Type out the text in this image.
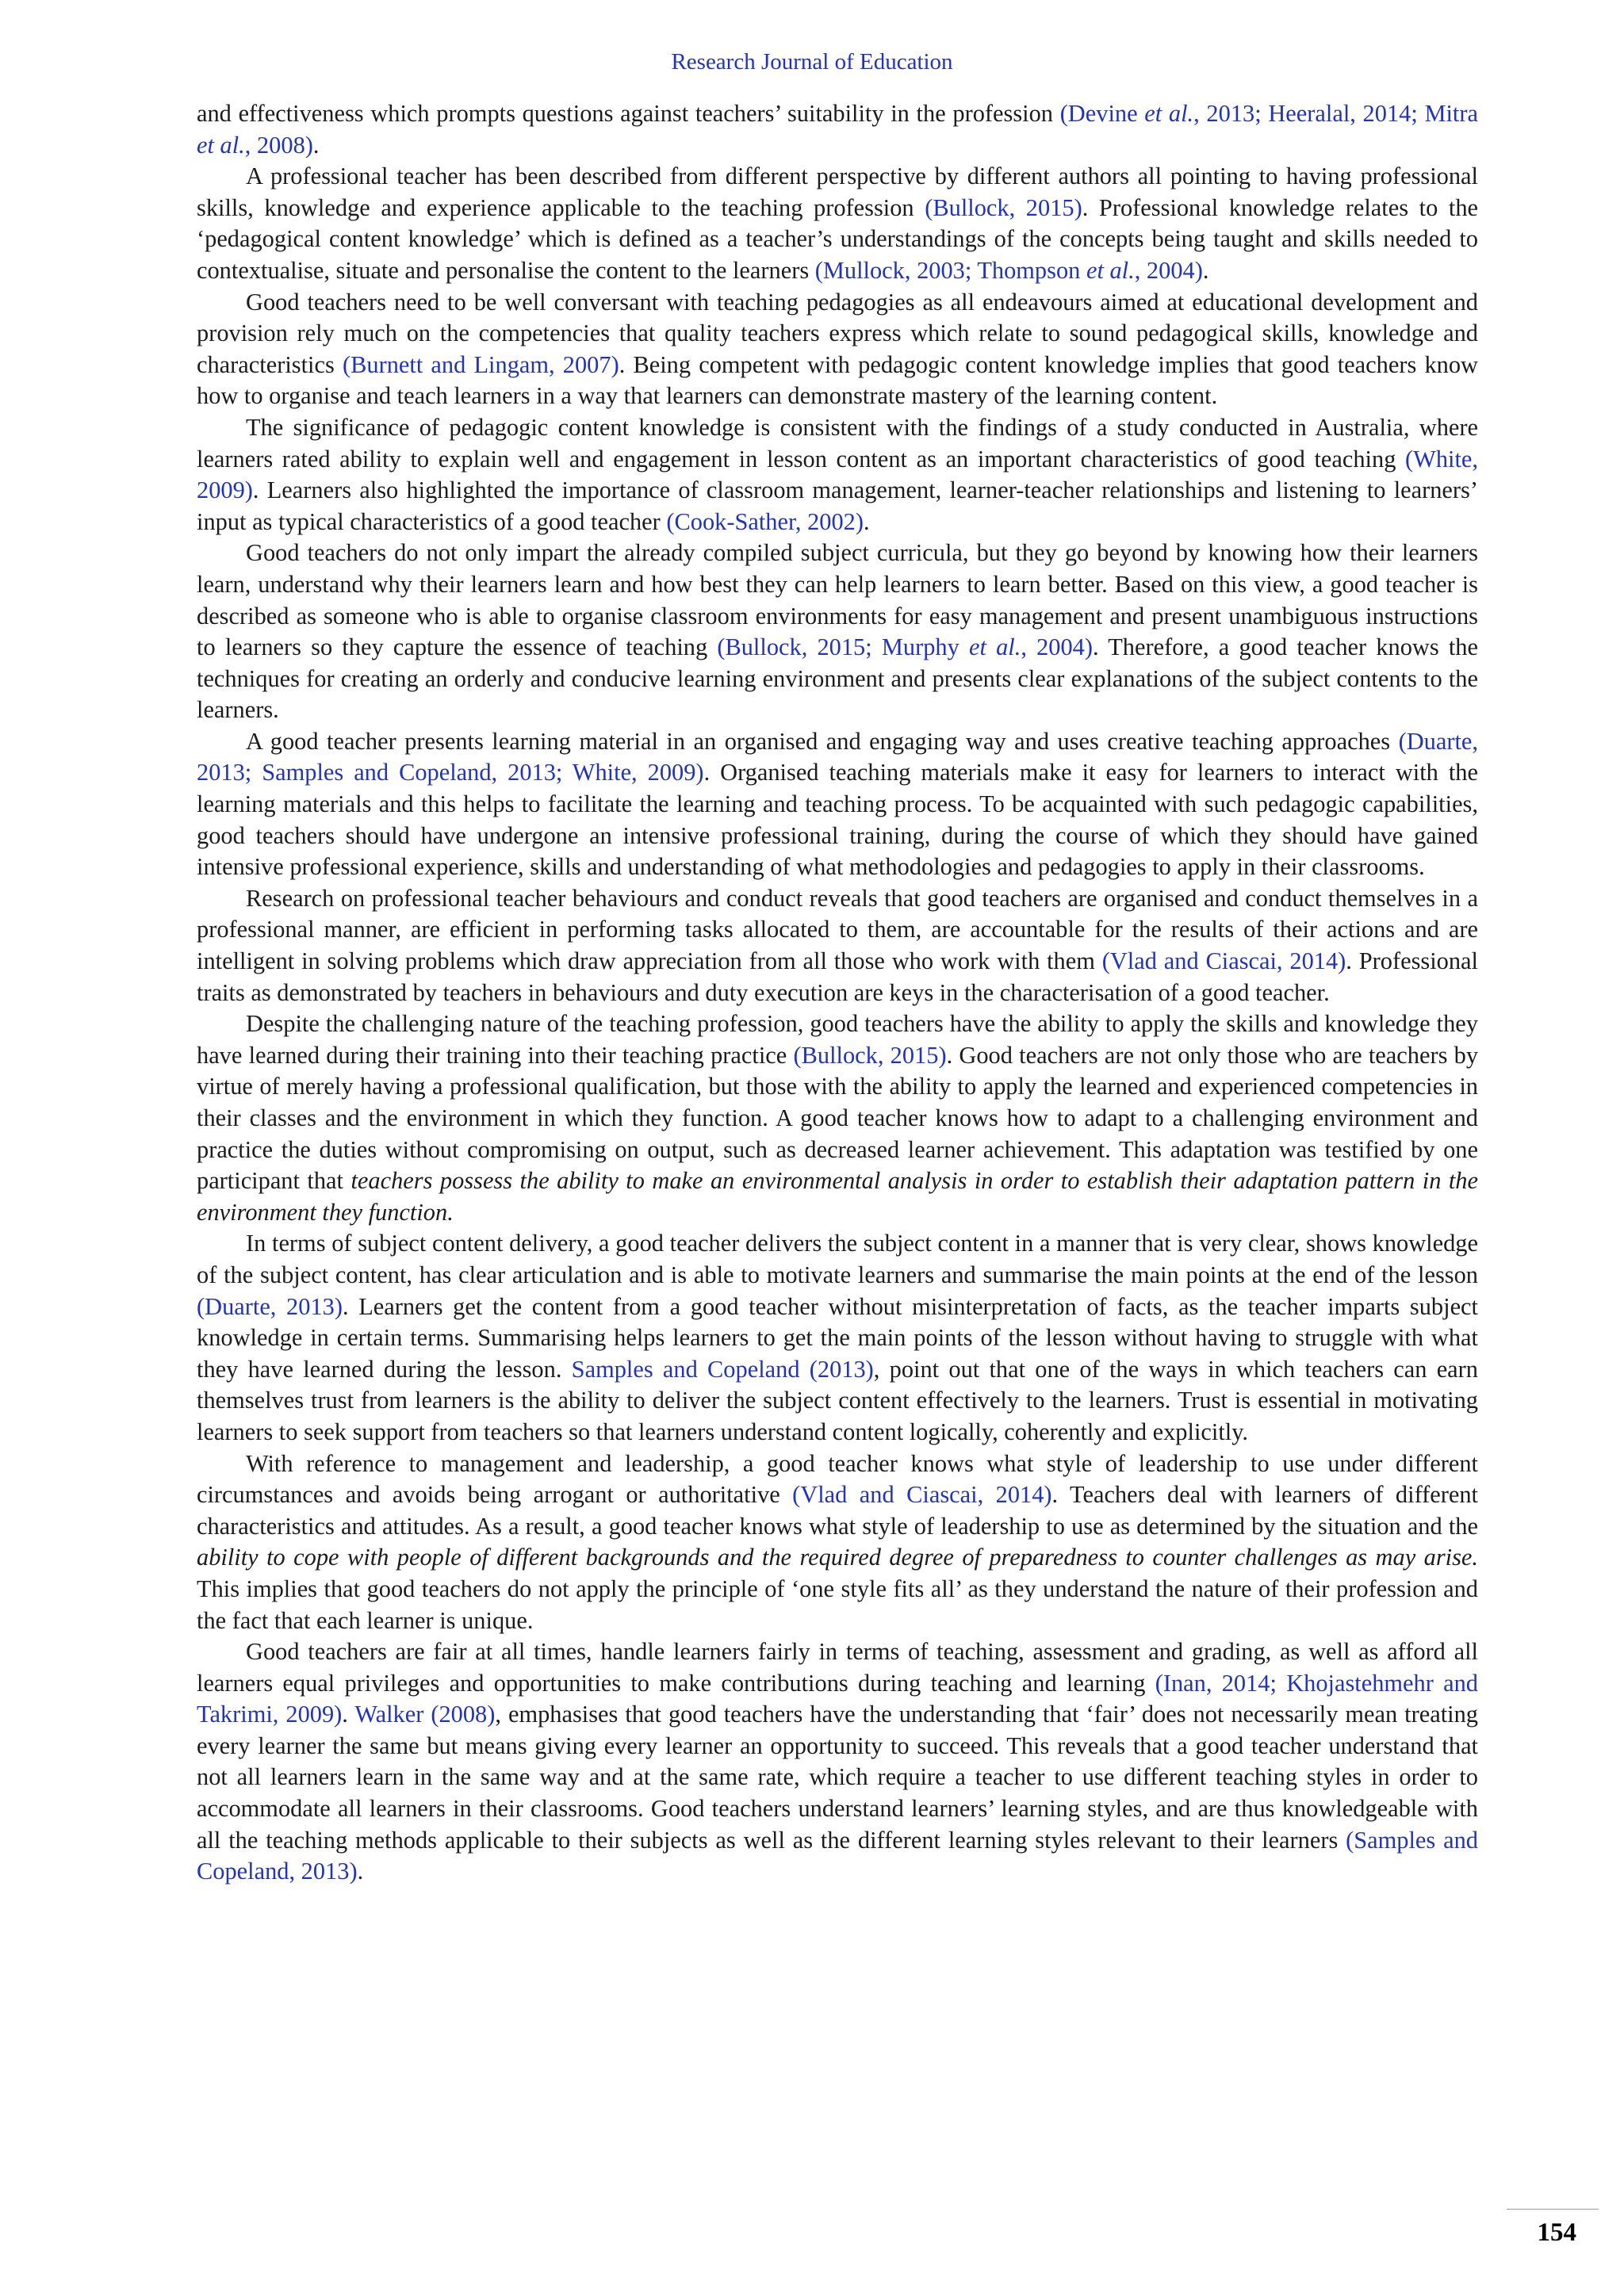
Research Journal of Education

and effectiveness which prompts questions against teachers’ suitability in the profession (Devine et al., 2013; Heeralal, 2014; Mitra et al., 2008).

A professional teacher has been described from different perspective by different authors all pointing to having professional skills, knowledge and experience applicable to the teaching profession (Bullock, 2015). Professional knowledge relates to the ‘pedagogical content knowledge’ which is defined as a teacher’s understandings of the concepts being taught and skills needed to contextualise, situate and personalise the content to the learners (Mullock, 2003; Thompson et al., 2004).

Good teachers need to be well conversant with teaching pedagogies as all endeavours aimed at educational development and provision rely much on the competencies that quality teachers express which relate to sound pedagogical skills, knowledge and characteristics (Burnett and Lingam, 2007). Being competent with pedagogic content knowledge implies that good teachers know how to organise and teach learners in a way that learners can demonstrate mastery of the learning content.

The significance of pedagogic content knowledge is consistent with the findings of a study conducted in Australia, where learners rated ability to explain well and engagement in lesson content as an important characteristics of good teaching (White, 2009). Learners also highlighted the importance of classroom management, learner-teacher relationships and listening to learners’ input as typical characteristics of a good teacher (Cook-Sather, 2002).

Good teachers do not only impart the already compiled subject curricula, but they go beyond by knowing how their learners learn, understand why their learners learn and how best they can help learners to learn better. Based on this view, a good teacher is described as someone who is able to organise classroom environments for easy management and present unambiguous instructions to learners so they capture the essence of teaching (Bullock, 2015; Murphy et al., 2004). Therefore, a good teacher knows the techniques for creating an orderly and conducive learning environment and presents clear explanations of the subject contents to the learners.

A good teacher presents learning material in an organised and engaging way and uses creative teaching approaches (Duarte, 2013; Samples and Copeland, 2013; White, 2009). Organised teaching materials make it easy for learners to interact with the learning materials and this helps to facilitate the learning and teaching process. To be acquainted with such pedagogic capabilities, good teachers should have undergone an intensive professional training, during the course of which they should have gained intensive professional experience, skills and understanding of what methodologies and pedagogies to apply in their classrooms.

Research on professional teacher behaviours and conduct reveals that good teachers are organised and conduct themselves in a professional manner, are efficient in performing tasks allocated to them, are accountable for the results of their actions and are intelligent in solving problems which draw appreciation from all those who work with them (Vlad and Ciascai, 2014). Professional traits as demonstrated by teachers in behaviours and duty execution are keys in the characterisation of a good teacher.

Despite the challenging nature of the teaching profession, good teachers have the ability to apply the skills and knowledge they have learned during their training into their teaching practice (Bullock, 2015). Good teachers are not only those who are teachers by virtue of merely having a professional qualification, but those with the ability to apply the learned and experienced competencies in their classes and the environment in which they function. A good teacher knows how to adapt to a challenging environment and practice the duties without compromising on output, such as decreased learner achievement. This adaptation was testified by one participant that teachers possess the ability to make an environmental analysis in order to establish their adaptation pattern in the environment they function.

In terms of subject content delivery, a good teacher delivers the subject content in a manner that is very clear, shows knowledge of the subject content, has clear articulation and is able to motivate learners and summarise the main points at the end of the lesson (Duarte, 2013). Learners get the content from a good teacher without misinterpretation of facts, as the teacher imparts subject knowledge in certain terms. Summarising helps learners to get the main points of the lesson without having to struggle with what they have learned during the lesson. Samples and Copeland (2013), point out that one of the ways in which teachers can earn themselves trust from learners is the ability to deliver the subject content effectively to the learners. Trust is essential in motivating learners to seek support from teachers so that learners understand content logically, coherently and explicitly.

With reference to management and leadership, a good teacher knows what style of leadership to use under different circumstances and avoids being arrogant or authoritative (Vlad and Ciascai, 2014). Teachers deal with learners of different characteristics and attitudes. As a result, a good teacher knows what style of leadership to use as determined by the situation and the ability to cope with people of different backgrounds and the required degree of preparedness to counter challenges as may arise. This implies that good teachers do not apply the principle of ‘one style fits all’ as they understand the nature of their profession and the fact that each learner is unique.

Good teachers are fair at all times, handle learners fairly in terms of teaching, assessment and grading, as well as afford all learners equal privileges and opportunities to make contributions during teaching and learning (Inan, 2014; Khojastehmehr and Takrimi, 2009). Walker (2008), emphasises that good teachers have the understanding that ‘fair’ does not necessarily mean treating every learner the same but means giving every learner an opportunity to succeed. This reveals that a good teacher understand that not all learners learn in the same way and at the same rate, which require a teacher to use different teaching styles in order to accommodate all learners in their classrooms. Good teachers understand learners’ learning styles, and are thus knowledgeable with all the teaching methods applicable to their subjects as well as the different learning styles relevant to their learners (Samples and Copeland, 2013).

154
